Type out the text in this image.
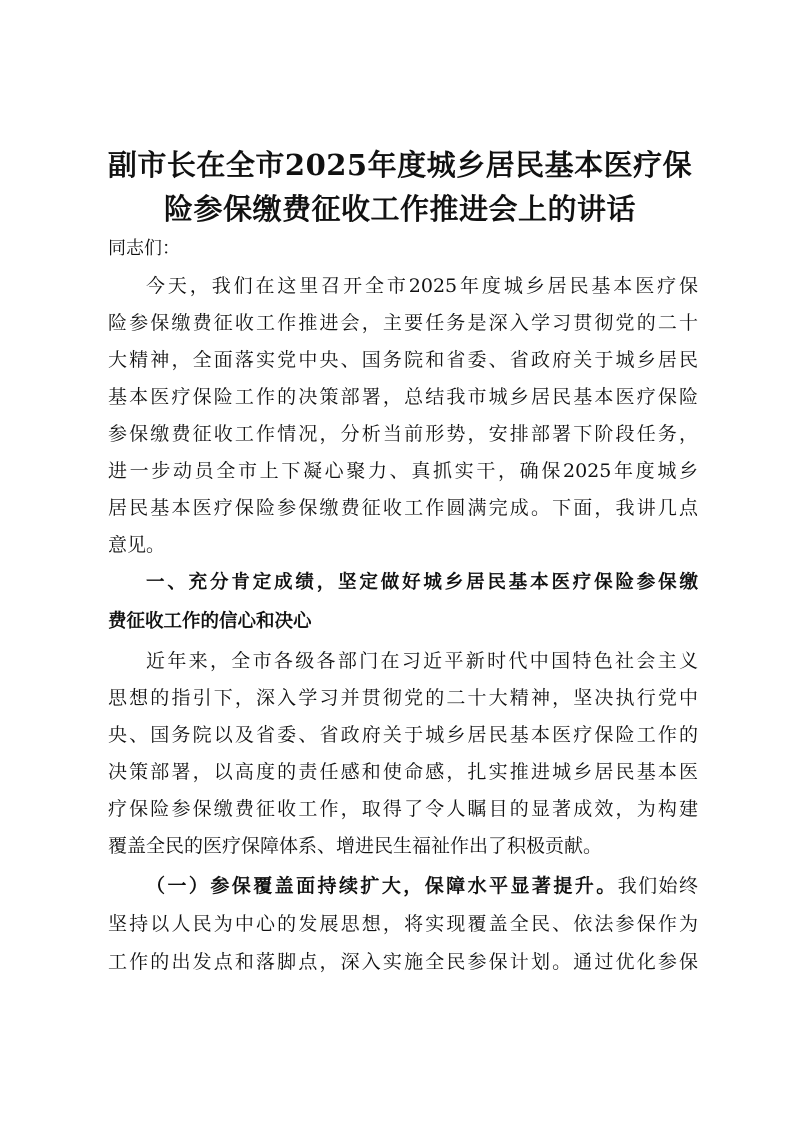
副市长在全市2025年度城乡居民基本医疗保
险参保缴费征收工作推进会上的讲话
同志们：
今天，我们在这里召开全市2025年度城乡居民基本医疗保
险参保缴费征收工作推进会，主要任务是深入学习贯彻党的二十
大精神，全面落实党中央、国务院和省委、省政府关于城乡居民
基本医疗保险工作的决策部署，总结我市城乡居民基本医疗保险
参保缴费征收工作情况，分析当前形势，安排部署下阶段任务，
进一步动员全市上下凝心聚力、真抓实干，确保2025年度城乡
居民基本医疗保险参保缴费征收工作圆满完成。下面，我讲几点
意见。
一、充分肯定成绩，坚定做好城乡居民基本医疗保险参保缴
费征收工作的信心和决心
近年来，全市各级各部门在习近平新时代中国特色社会主义
思想的指引下，深入学习并贯彻党的二十大精神，坚决执行党中
央、国务院以及省委、省政府关于城乡居民基本医疗保险工作的
决策部署，以高度的责任感和使命感，扎实推进城乡居民基本医
疗保险参保缴费征收工作，取得了令人瞩目的显著成效，为构建
覆盖全民的医疗保障体系、增进民生福祉作出了积极贡献。
（一）参保覆盖面持续扩大，保障水平显著提升。我们始终
坚持以人民为中心的发展思想，将实现覆盖全民、依法参保作为
工作的出发点和落脚点，深入实施全民参保计划。通过优化参保
